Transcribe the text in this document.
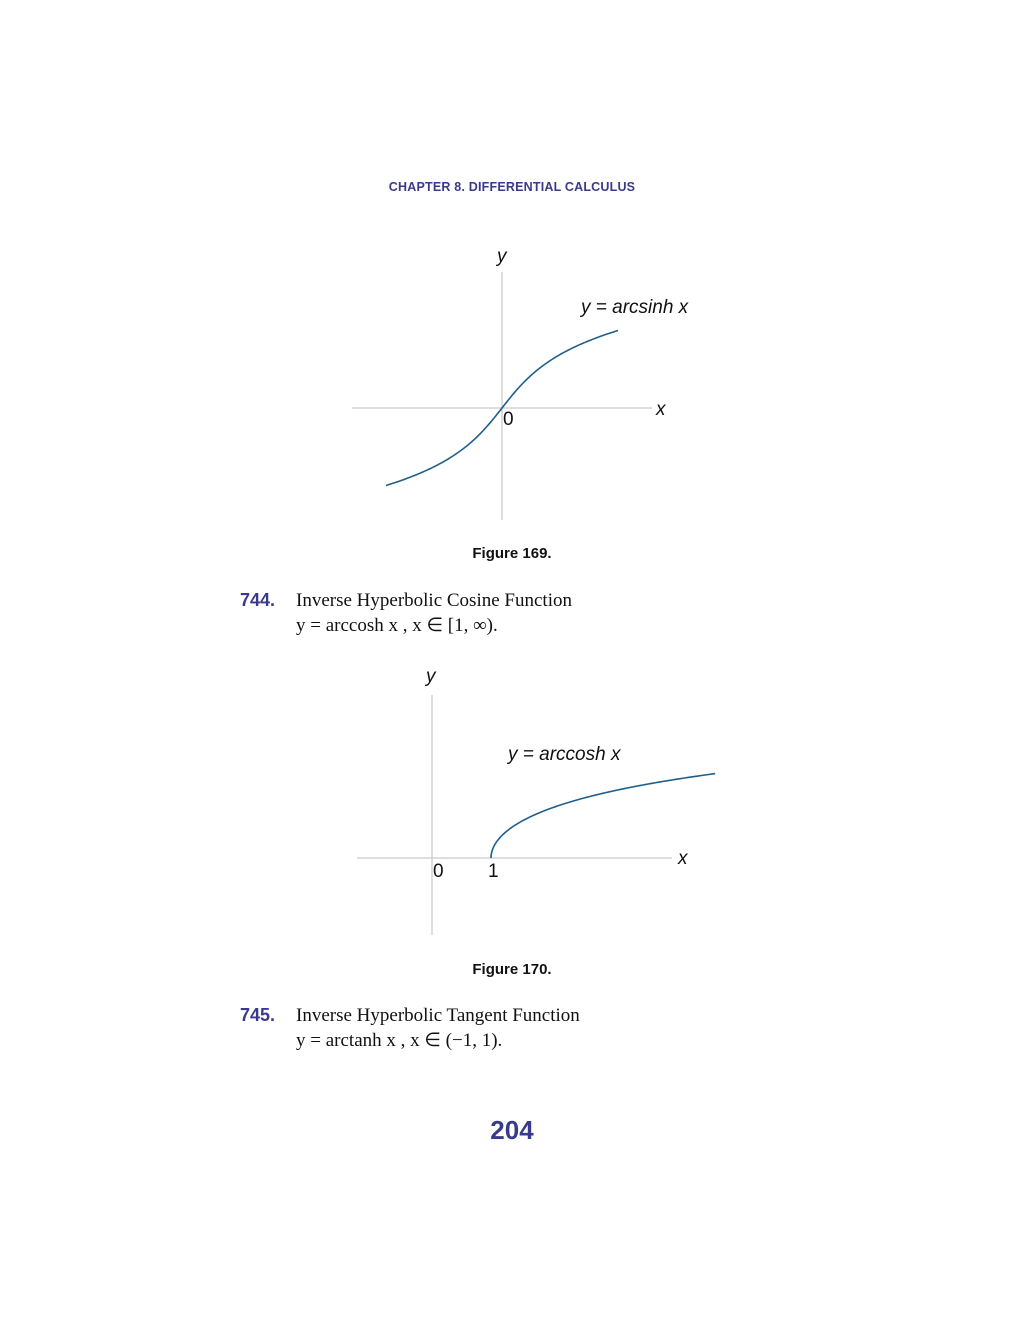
CHAPTER 8. DIFFERENTIAL CALCULUS
y
x
0
y = arcsinh x
Figure 169.
744. Inverse Hyperbolic Cosine Function
y = arccosh x , x ∈ [1, ∞).
y
x
0 1
y = arccosh x
Figure 170.
745. Inverse Hyperbolic Tangent Function
y = arctanh x , x ∈ (−1, 1).
204
